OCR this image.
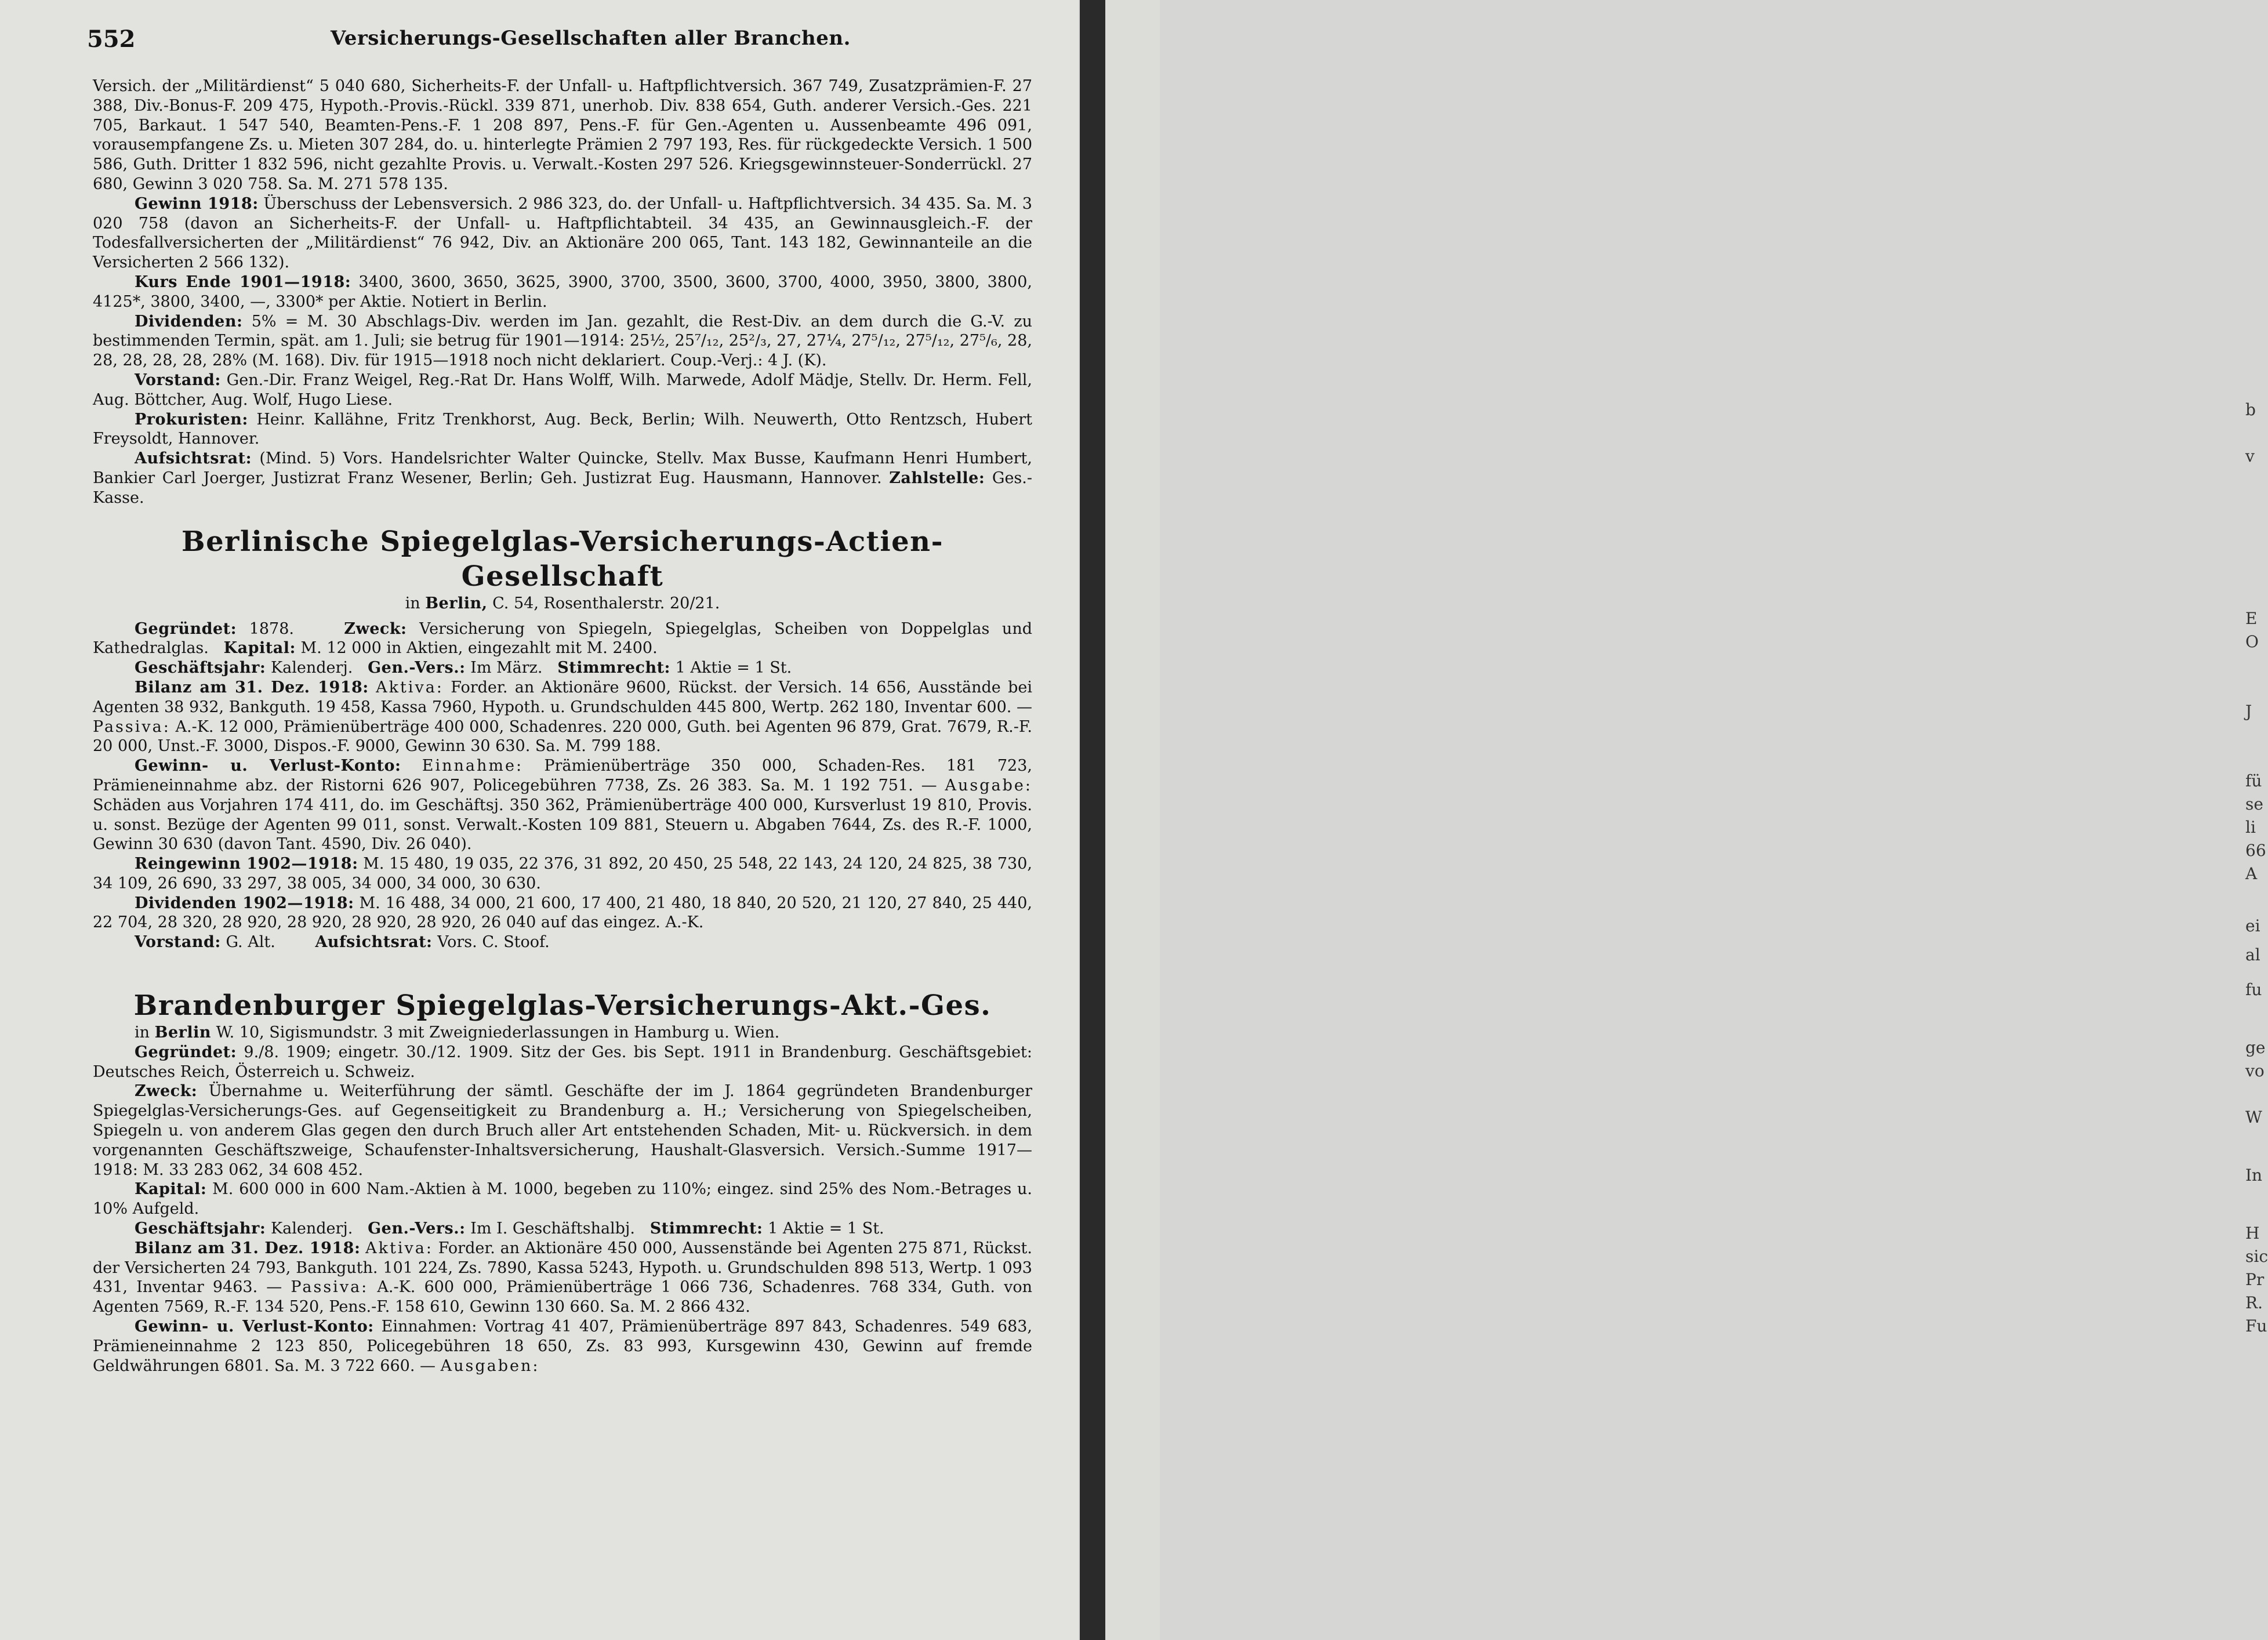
552	Versicherungs-Gesellschaften aller Branchen.

Versich. der „Militärdienst“ 5 040 680, Sicherheits-F. der Unfall- u. Haftpflichtversich. 367 749, Zusatzprämien-F. 27 388, Div.-Bonus-F. 209 475, Hypoth.-Provis.-Rückl. 339 871, unerhob. Div. 838 654, Guth. anderer Versich.-Ges. 221 705, Barkaut. 1 547 540, Beamten-Pens.-F. 1 208 897, Pens.-F. für Gen.-Agenten u. Aussenbeamte 496 091, vorausempfangene Zs. u. Mieten 307 284, do. u. hinterlegte Prämien 2 797 193, Res. für rückgedeckte Versich. 1 500 586, Guth. Dritter 1 832 596, nicht gezahlte Provis. u. Verwalt.-Kosten 297 526. Kriegsgewinnsteuer-Sonderrückl. 27 680, Gewinn 3 020 758. Sa. M. 271 578 135.

Gewinn 1918: Überschuss der Lebensversich. 2 986 323, do. der Unfall- u. Haftpflichtversich. 34 435. Sa. M. 3 020 758 (davon an Sicherheits-F. der Unfall- u. Haftpflichtabteil. 34 435, an Gewinnausgleich.-F. der Todesfallversicherten der „Militärdienst“ 76 942, Div. an Aktionäre 200 065, Tant. 143 182, Gewinnanteile an die Versicherten 2 566 132).

Kurs Ende 1901—1918: 3400, 3600, 3650, 3625, 3900, 3700, 3500, 3600, 3700, 4000, 3950, 3800, 3800, 4125*, 3800, 3400, —, 3300* per Aktie. Notiert in Berlin.

Dividenden: 5% = M. 30 Abschlags-Div. werden im Jan. gezahlt, die Rest-Div. an dem durch die G.-V. zu bestimmenden Termin, spät. am 1. Juli; sie betrug für 1901—1914: 25½, 25⁷/₁₂, 25²/₃, 27, 27¼, 27⁵/₁₂, 27⁵/₁₂, 27⁵/₆, 28, 28, 28, 28, 28, 28% (M. 168). Div. für 1915—1918 noch nicht deklariert. Coup.-Verj.: 4 J. (K).

Vorstand: Gen.-Dir. Franz Weigel, Reg.-Rat Dr. Hans Wolff, Wilh. Marwede, Adolf Mädje, Stellv. Dr. Herm. Fell, Aug. Böttcher, Aug. Wolf, Hugo Liese.

Prokuristen: Heinr. Kallähne, Fritz Trenkhorst, Aug. Beck, Berlin; Wilh. Neuwerth, Otto Rentzsch, Hubert Freysoldt, Hannover.

Aufsichtsrat: (Mind. 5) Vors. Handelsrichter Walter Quincke, Stellv. Max Busse, Kaufmann Henri Humbert, Bankier Carl Joerger, Justizrat Franz Wesener, Berlin; Geh. Justizrat Eug. Hausmann, Hannover. Zahlstelle: Ges.-Kasse.

Berlinische Spiegelglas-Versicherungs-Actien-Gesellschaft

in Berlin, C. 54, Rosenthalerstr. 20/21.

Gegründet: 1878.	Zweck: Versicherung von Spiegeln, Spiegelglas, Scheiben von Doppelglas und Kathedralglas. Kapital: M. 12 000 in Aktien, eingezahlt mit M. 2400.

Geschäftsjahr: Kalenderj. Gen.-Vers.: Im März. Stimmrecht: 1 Aktie = 1 St.

Bilanz am 31. Dez. 1918: Aktiva: Forder. an Aktionäre 9600, Rückst. der Versich. 14 656, Ausstände bei Agenten 38 932, Bankguth. 19 458, Kassa 7960, Hypoth. u. Grundschulden 445 800, Wertp. 262 180, Inventar 600. — Passiva: A.-K. 12 000, Prämienüberträge 400 000, Schadenres. 220 000, Guth. bei Agenten 96 879, Grat. 7679, R.-F. 20 000, Unst.-F. 3000, Dispos.-F. 9000, Gewinn 30 630. Sa. M. 799 188.

Gewinn- u. Verlust-Konto: Einnahme: Prämienüberträge 350 000, Schaden-Res. 181 723, Prämieneinnahme abz. der Ristorni 626 907, Policegebühren 7738, Zs. 26 383. Sa. M. 1 192 751. — Ausgabe: Schäden aus Vorjahren 174 411, do. im Geschäftsj. 350 362, Prämienüberträge 400 000, Kursverlust 19 810, Provis. u. sonst. Bezüge der Agenten 99 011, sonst. Verwalt.-Kosten 109 881, Steuern u. Abgaben 7644, Zs. des R.-F. 1000, Gewinn 30 630 (davon Tant. 4590, Div. 26 040).

Reingewinn 1902—1918: M. 15 480, 19 035, 22 376, 31 892, 20 450, 25 548, 22 143, 24 120, 24 825, 38 730, 34 109, 26 690, 33 297, 38 005, 34 000, 34 000, 30 630.

Dividenden 1902—1918: M. 16 488, 34 000, 21 600, 17 400, 21 480, 18 840, 20 520, 21 120, 27 840, 25 440, 22 704, 28 320, 28 920, 28 920, 28 920, 28 920, 26 040 auf das eingez. A.-K.

Vorstand: G. Alt.	Aufsichtsrat: Vors. C. Stoof.

Brandenburger Spiegelglas-Versicherungs-Akt.-Ges.

in Berlin W. 10, Sigismundstr. 3 mit Zweigniederlassungen in Hamburg u. Wien.

Gegründet: 9./8. 1909; eingetr. 30./12. 1909. Sitz der Ges. bis Sept. 1911 in Brandenburg. Geschäftsgebiet: Deutsches Reich, Österreich u. Schweiz.

Zweck: Übernahme u. Weiterführung der sämtl. Geschäfte der im J. 1864 gegründeten Brandenburger Spiegelglas-Versicherungs-Ges. auf Gegenseitigkeit zu Brandenburg a. H.; Versicherung von Spiegelscheiben, Spiegeln u. von anderem Glas gegen den durch Bruch aller Art entstehenden Schaden, Mit- u. Rückversich. in dem vorgenannten Geschäftszweige, Schaufenster-Inhaltsversicherung, Haushalt-Glasversich. Versich.-Summe 1917—1918: M. 33 283 062, 34 608 452.

Kapital: M. 600 000 in 600 Nam.-Aktien à M. 1000, begeben zu 110%; eingez. sind 25% des Nom.-Betrages u. 10% Aufgeld.

Geschäftsjahr: Kalenderj. Gen.-Vers.: Im I. Geschäftshalbj. Stimmrecht: 1 Aktie = 1 St.

Bilanz am 31. Dez. 1918: Aktiva: Forder. an Aktionäre 450 000, Aussenstände bei Agenten 275 871, Rückst. der Versicherten 24 793, Bankguth. 101 224, Zs. 7890, Kassa 5243, Hypoth. u. Grundschulden 898 513, Wertp. 1 093 431, Inventar 9463. — Passiva: A.-K. 600 000, Prämienüberträge 1 066 736, Schadenres. 768 334, Guth. von Agenten 7569, R.-F. 134 520, Pens.-F. 158 610, Gewinn 130 660. Sa. M. 2 866 432.

Gewinn- u. Verlust-Konto: Einnahmen: Vortrag 41 407, Prämienüberträge 897 843, Schadenres. 549 683, Prämieneinnahme 2 123 850, Policegebühren 18 650, Zs. 83 993, Kursgewinn 430, Gewinn auf fremde Geldwährungen 6801. Sa. M. 3 722 660. — Ausgaben:

b
v
E
O
J
fü
se
li
66
A
ei
al
fu
ge
vo
W
In
H
sic
Pr
R.
Fu
